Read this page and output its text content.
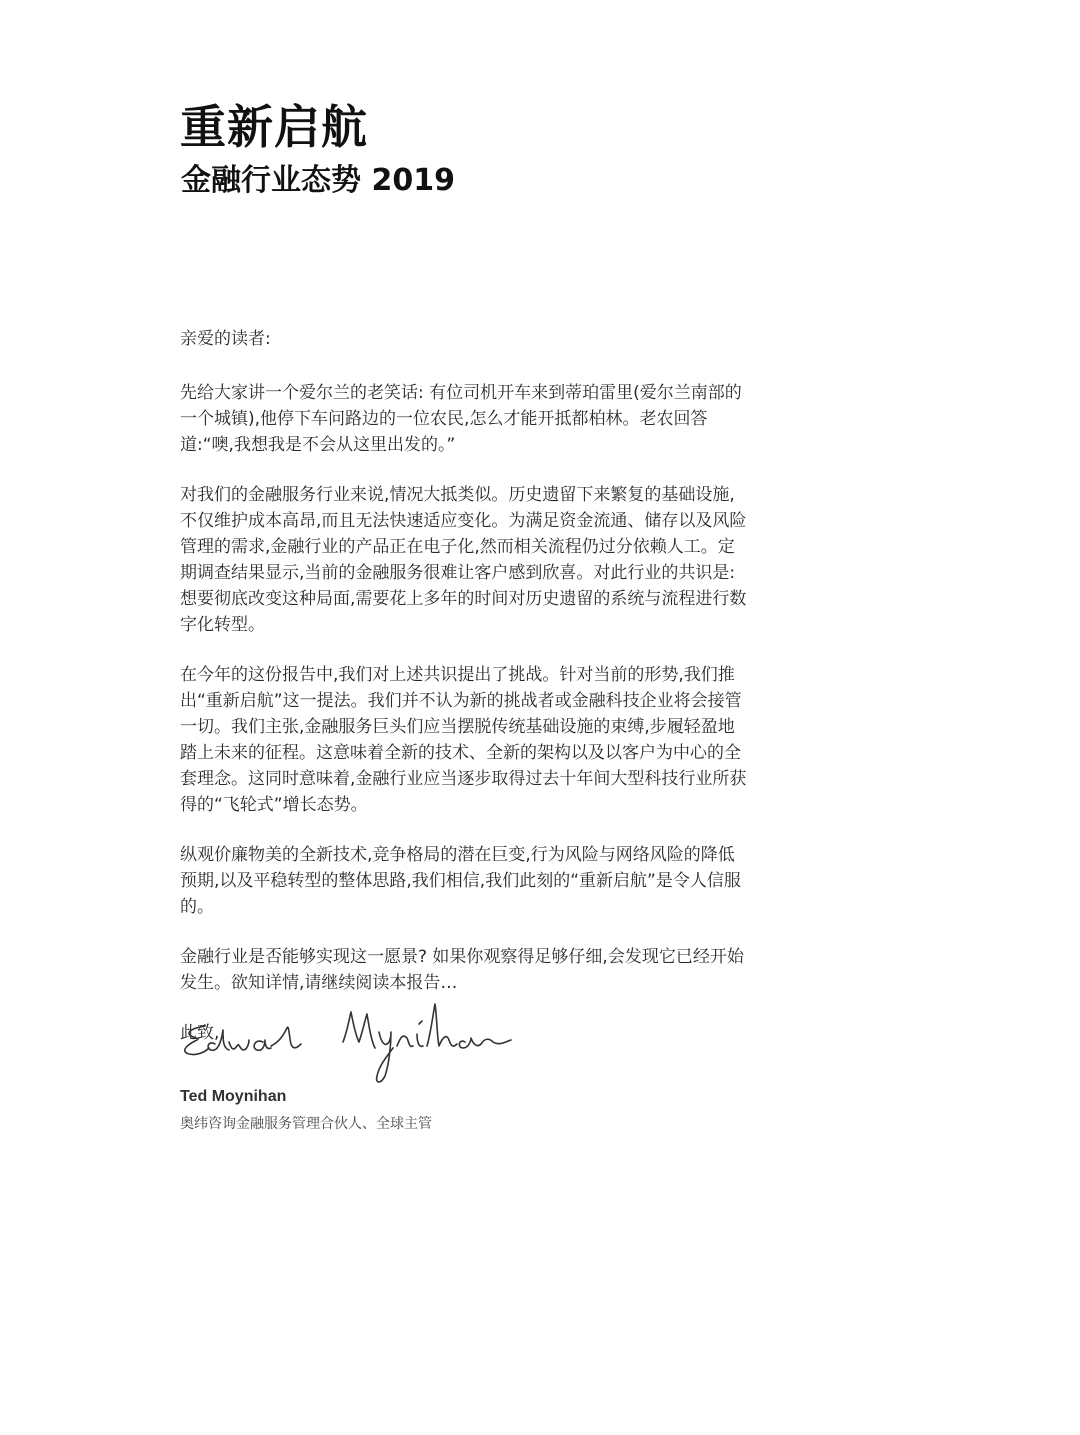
重新启航
金融行业态势 2019

亲爱的读者:

先给大家讲一个爱尔兰的老笑话: 有位司机开车来到蒂珀雷里(爱尔兰南部的一个城镇),他停下车问路边的一位农民,怎么才能开抵都柏林。老农回答道:“噢,我想我是不会从这里出发的。”

对我们的金融服务行业来说,情况大抵类似。历史遗留下来繁复的基础设施,不仅维护成本高昂,而且无法快速适应变化。为满足资金流通、储存以及风险管理的需求,金融行业的产品正在电子化,然而相关流程仍过分依赖人工。定期调查结果显示,当前的金融服务很难让客户感到欣喜。对此行业的共识是: 想要彻底改变这种局面,需要花上多年的时间对历史遗留的系统与流程进行数字化转型。

在今年的这份报告中,我们对上述共识提出了挑战。针对当前的形势,我们推出“重新启航”这一提法。我们并不认为新的挑战者或金融科技企业将会接管一切。我们主张,金融服务巨头们应当摆脱传统基础设施的束缚,步履轻盈地踏上未来的征程。这意味着全新的技术、全新的架构以及以客户为中心的全套理念。这同时意味着,金融行业应当逐步取得过去十年间大型科技行业所获得的“飞轮式”增长态势。

纵观价廉物美的全新技术,竞争格局的潜在巨变,行为风险与网络风险的降低预期,以及平稳转型的整体思路,我们相信,我们此刻的“重新启航”是令人信服的。

金融行业是否能够实现这一愿景? 如果你观察得足够仔细,会发现它已经开始发生。欲知详情,请继续阅读本报告…

此致,

Ted Moynihan
奥纬咨询金融服务管理合伙人、全球主管
